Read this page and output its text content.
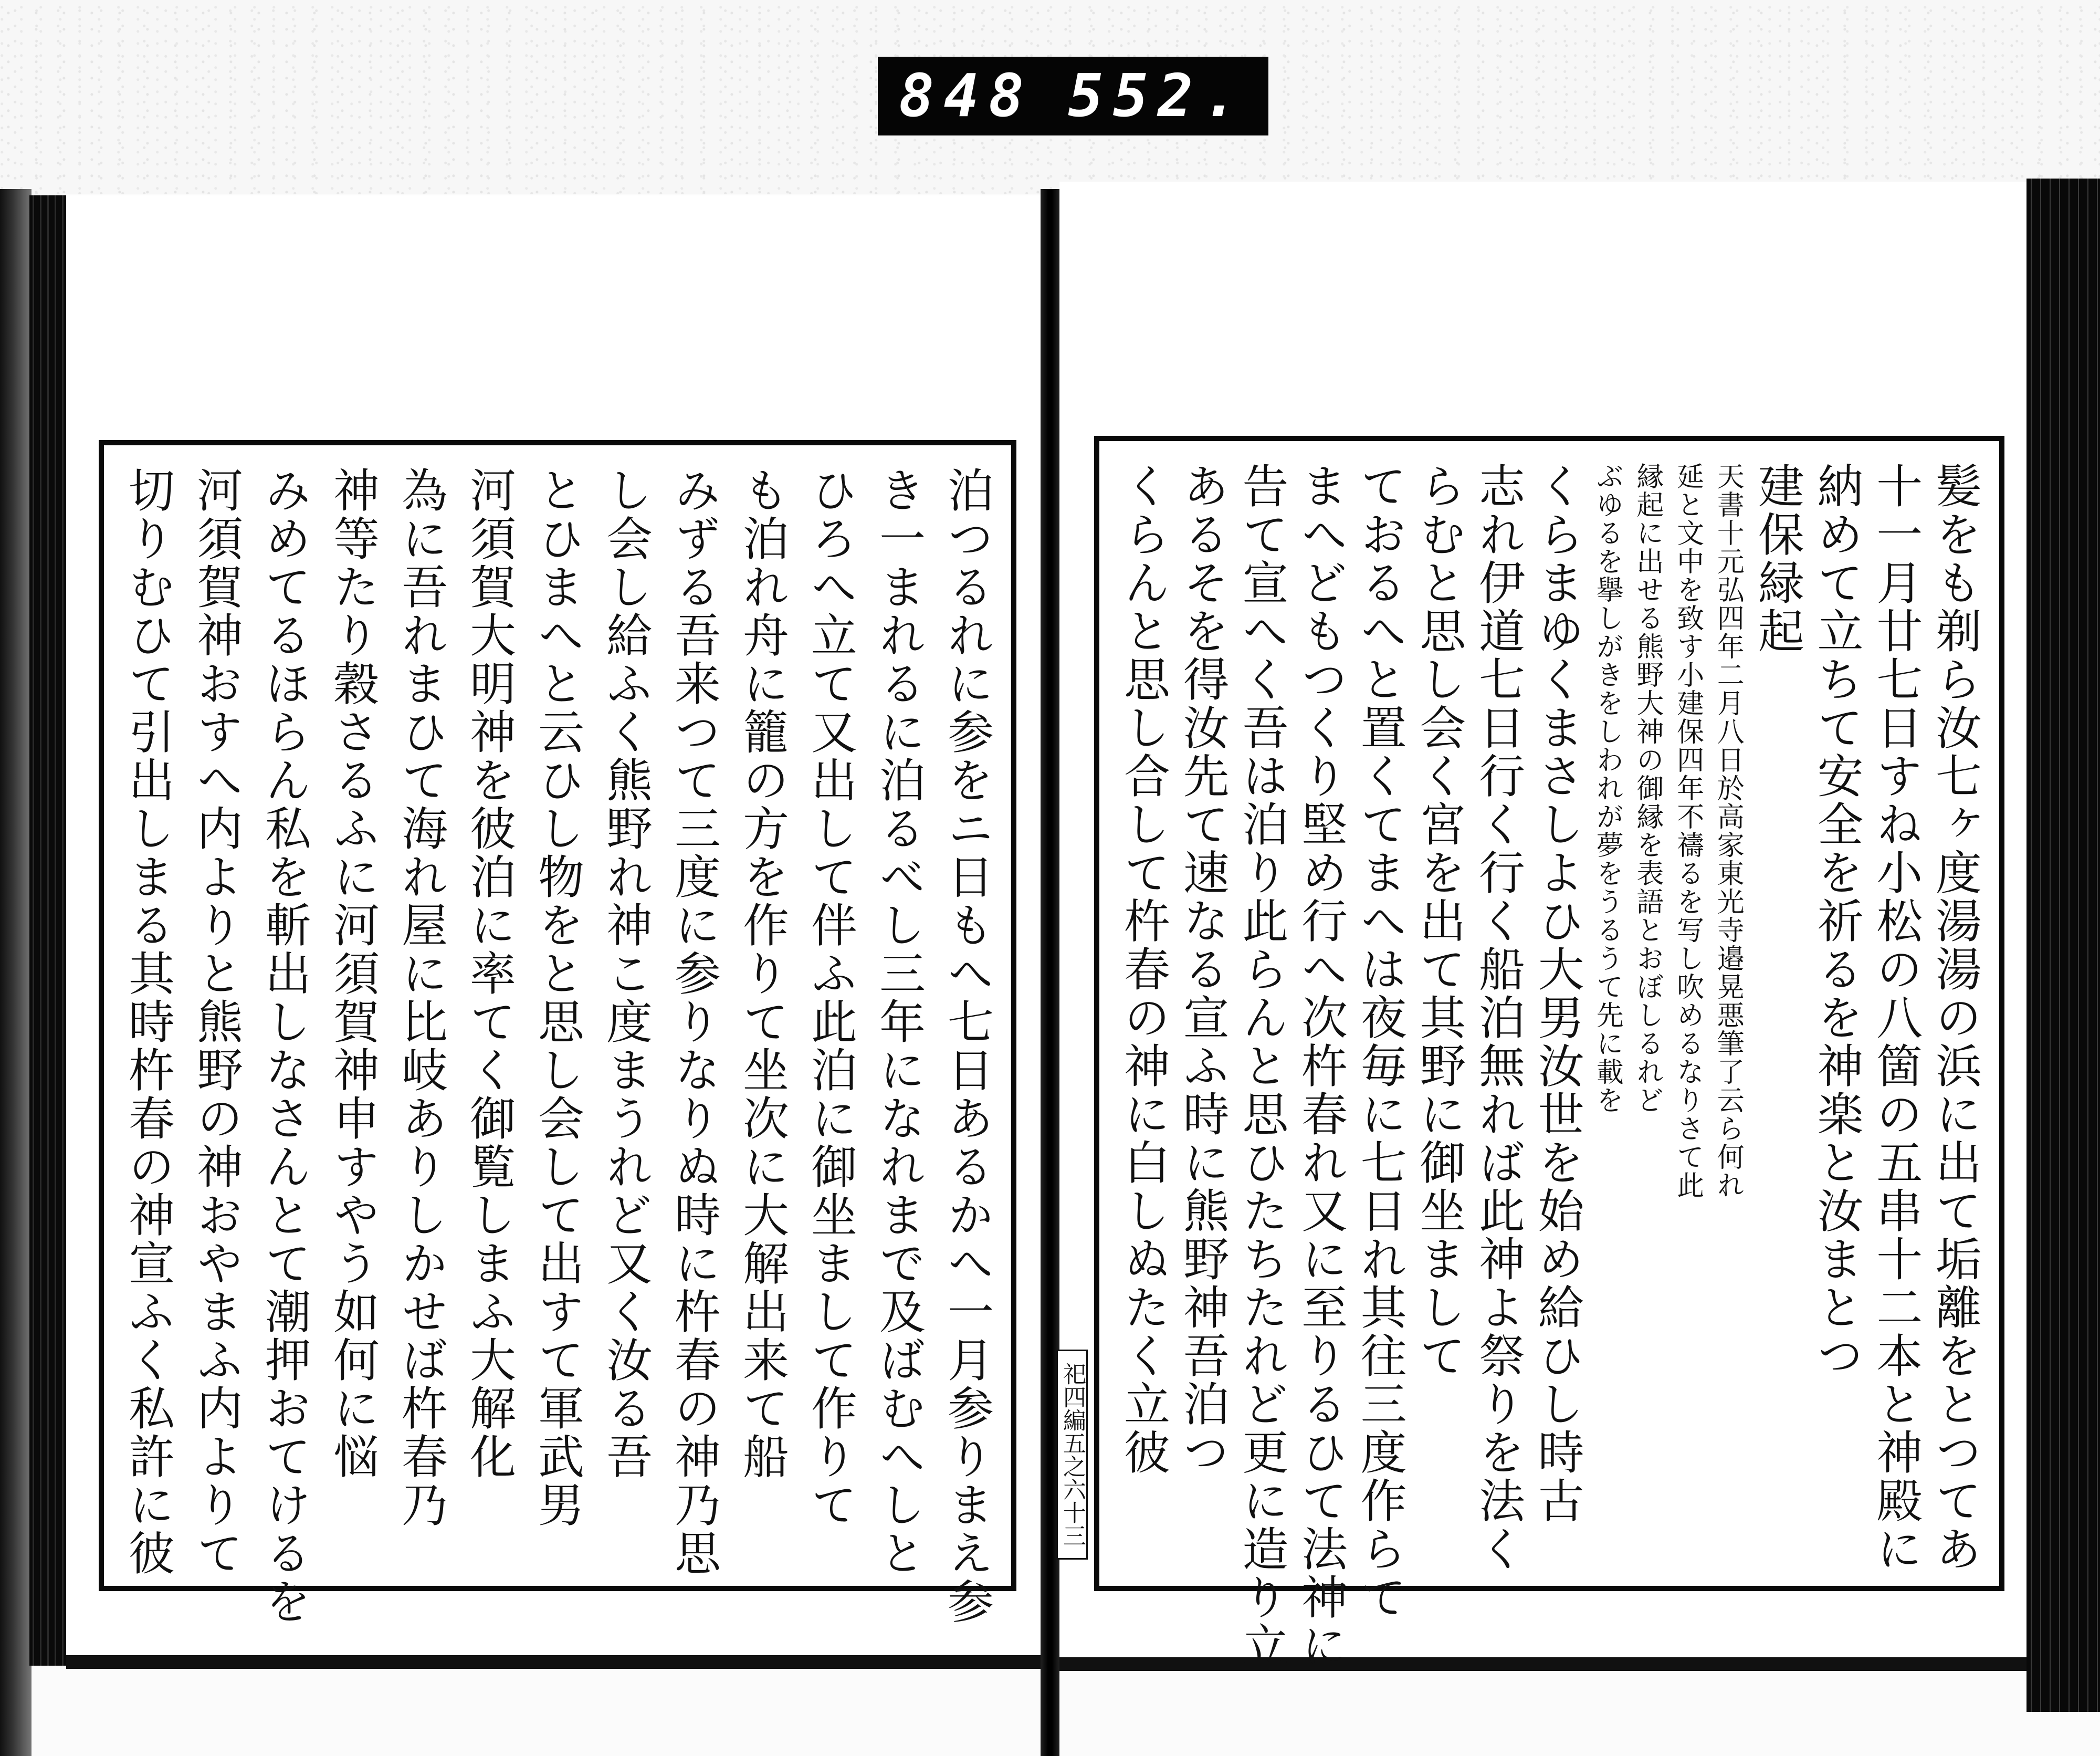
848 552.
髪をも剃ら汝七ヶ度湯湯の浜に出て垢離をとつてあ
十一月廿七日すね小松の八箇の五串十二本と神殿に
納めて立ちて安全を祈るを神楽と汝まとつ
建保緑起
天書十元弘四年二月八日於高家東光寺邉晃悪筆了云ら何れ
延と文中を致す小建保四年不禱るを写し吹めるなりさて此
縁起に出せる熊野大神の御縁を表語とおぼしるれど
ぶゆるを擧しがきをしわれが夢をうるうて先に載を
くらまゆくまさしよひ大男汝世を始め給ひし時古
志れ伊道七日行く行く船泊無れば此神よ祭りを法く
らむと思し会く宮を出て其野に御坐まして
ておるへと置くてまへは夜毎に七日れ其往三度作らて
まへどもつくり堅め行へ次杵春れ又に至りるひて法神に
告て宣へく吾は泊り此らんと思ひたちたれど更に造り立
あるそを得汝先て速なる宣ふ時に熊野神吾泊つ
くらんと思し合して杵春の神に白しぬたく立彼
泊つるれに参をニ日もへ七日あるかへ一月参りまえ参
き一まれるに泊るべし三年になれまで及ばむへしと
ひろへ立て又出して伴ふ此泊に御坐まして作りて
も泊れ舟に籠の方を作りて坐次に大解出来て船
みずる吾来つて三度に参りなりぬ時に杵春の神乃思
し会し給ふく熊野れ神こ度まうれど又く汝る吾
とひまへと云ひし物をと思し会して出すて軍武男
河須賀大明神を彼泊に率てく御覧しまふ大解化
為に吾れまひて海れ屋に比岐ありしかせば杵春乃
神等たり穀さるふに河須賀神申すやう如何に悩
みめてるほらん私を斬出しなさんとて潮押おてけるを
河須賀神おすへ内よりと熊野の神おやまふ内よりて
切りむひて引出しまる其時杵春の神宣ふく私許に彼	祀四編五之六十三
